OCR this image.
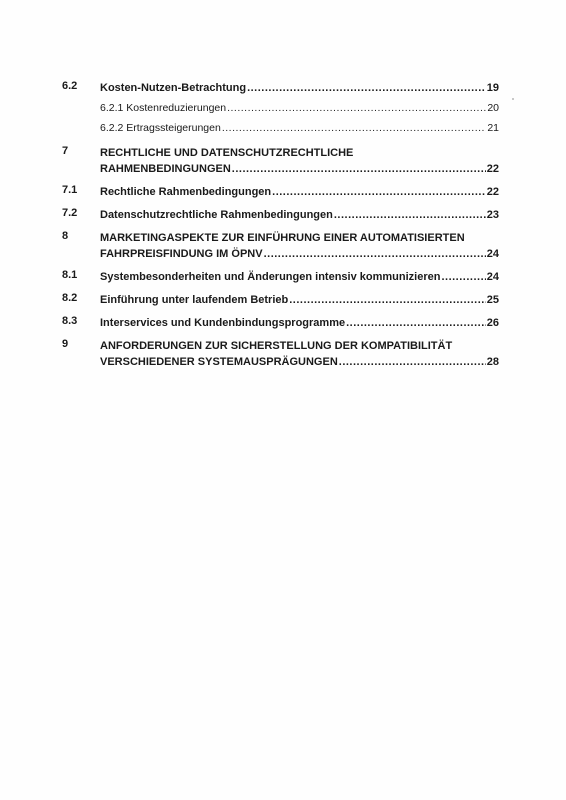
6.2 Kosten-Nutzen-Betrachtung .....	19
6.2.1 Kostenreduzierungen .....	20
6.2.2 Ertragssteigerungen .....	21
7	RECHTLICHE UND DATENSCHUTZRECHTLICHE
RAHMENBEDINGUNGEN .....	22
7.1 Rechtliche Rahmenbedingungen .....	22
7.2 Datenschutzrechtliche Rahmenbedingungen .....	23
8	MARKETINGASPEKTE ZUR EINFÜHRUNG EINER AUTOMATISIERTEN
FAHRPREISFINDUNG IM ÖPNV .....	24
8.1 Systembesonderheiten und Änderungen intensiv kommunizieren .....	24
8.2 Einführung unter laufendem Betrieb .....	25
8.3 Interservices und Kundenbindungsprogramme .....	26
9	ANFORDERUNGEN ZUR SICHERSTELLUNG DER KOMPATIBILITÄT
VERSCHIEDENER SYSTEMAUSPRÄGUNGEN .....	28
